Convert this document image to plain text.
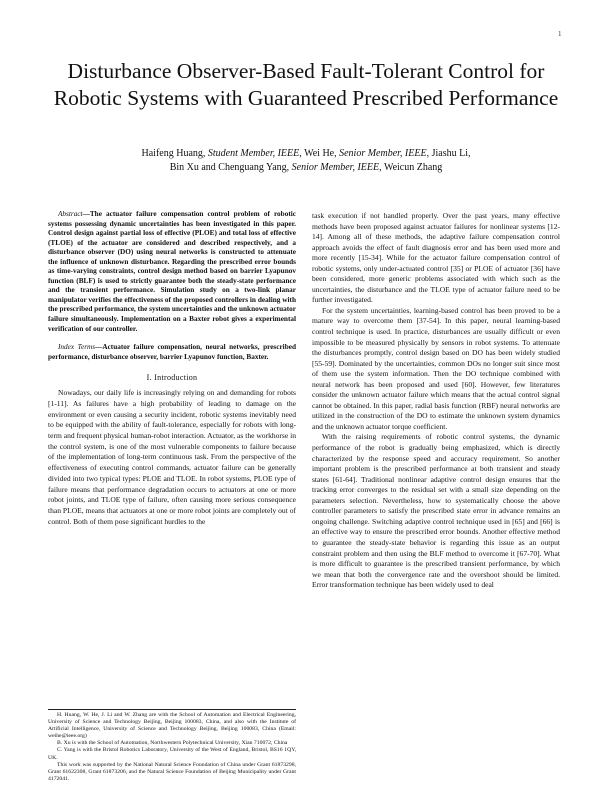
1
Disturbance Observer-Based Fault-Tolerant Control for Robotic Systems with Guaranteed Prescribed Performance
Haifeng Huang, Student Member, IEEE, Wei He, Senior Member, IEEE, Jiashu Li,
Bin Xu and Chenguang Yang, Senior Member, IEEE, Weicun Zhang

Abstract—The actuator failure compensation control problem of robotic systems possessing dynamic uncertainties has been investigated in this paper. Control design against partial loss of effective (PLOE) and total loss of effective (TLOE) of the actuator are considered and described respectively, and a disturbance observer (DO) using neural networks is constructed to attenuate the influence of unknown disturbance. Regarding the prescribed error bounds as time-varying constraints, control design method based on barrier Lyapunov function (BLF) is used to strictly guarantee both the steady-state performance and the transient performance. Simulation study on a two-link planar manipulator verifies the effectiveness of the proposed controllers in dealing with the prescribed performance, the system uncertainties and the unknown actuator failure simultaneously. Implementation on a Baxter robot gives a experimental verification of our controller.

Index Terms—Actuator failure compensation, neural networks, prescribed performance, disturbance observer, barrier Lyapunov function, Baxter.

I. Introduction

Nowadays, our daily life is increasingly relying on and demanding for robots [1-11]. As failures have a high probability of leading to damage on the environment or even causing a security incident, robotic systems inevitably need to be equipped with the ability of fault-tolerance, especially for robots with long-term and frequent physical human-robot interaction. Actuator, as the workhorse in the control system, is one of the most vulnerable components to failure because of the implementation of long-term continuous task. From the perspective of the effectiveness of executing control commands, actuator failure can be generally divided into two typical types: PLOE and TLOE. In robot systems, PLOE type of failure means that performance degradation occurs to actuators at one or more robot joints, and TLOE type of failure, often causing more serious consequence than PLOE, means that actuators at one or more robot joints are completely out of control. Both of them pose significant hurdles to the

H. Huang, W. He, J. Li and W. Zhang are with the School of Automation and Electrical Engineering, University of Science and Technology Beijing, Beijing 100083, China, and also with the Institute of Artificial Intelligence, University of Science and Technology Beijing, Beijing 100083, China (Email: weihe@ieee.org)

B. Xu is with the School of Automation, Northwestern Polytechnical University, Xian 710072, China

C. Yang is with the Bristol Robotics Laboratory, University of the West of England, Bristol, BS16 1QY, UK.

This work was supported by the National Natural Science Foundation of China under Grant 61873298, Grant 61622308, Grant 61873206, and the Natural Science Foundation of Beijing Municipality under Grant 4172041.

task execution if not handled properly. Over the past years, many effective methods have been proposed against actuator failures for nonlinear systems [12-14]. Among all of these methods, the adaptive failure compensation control approach avoids the effect of fault diagnosis error and has been used more and more recently [15-34]. While for the actuator failure compensation control of robotic systems, only under-actuated control [35] or PLOE of actuator [36] have been considered, more generic problems associated with which such as the uncertainties, the disturbance and the TLOE type of actuator failure need to be further investigated.

For the system uncertainties, learning-based control has been proved to be a mature way to overcome them [37-54]. In this paper, neural learning-based control technique is used. In practice, disturbances are usually difficult or even impossible to be measured physically by sensors in robot systems. To attenuate the disturbances promptly, control design based on DO has been widely studied [55-59]. Dominated by the uncertainties, common DOs no longer suit since most of them use the system information. Then the DO technique combined with neural network has been proposed and used [60]. However, few literatures consider the unknown actuator failure which means that the actual control signal cannot be obtained. In this paper, radial basis function (RBF) neural networks are utilized in the construction of the DO to estimate the unknown system dynamics and the unknown actuator torque coefficient.

With the raising requirements of robotic control systems, the dynamic performance of the robot is gradually being emphasized, which is directly characterized by the response speed and accuracy requirement. So another important problem is the prescribed performance at both transient and steady states [61-64]. Traditional nonlinear adaptive control design ensures that the tracking error converges to the residual set with a small size depending on the parameters selection. Nevertheless, how to systematically choose the above controller parameters to satisfy the prescribed state error in advance remains an ongoing challenge. Switching adaptive control technique used in [65] and [66] is an effective way to ensure the prescribed error bounds. Another effective method to guarantee the steady-state behavior is regarding this issue as an output constraint problem and then using the BLF method to overcome it [67-70]. What is more difficult to guarantee is the prescribed transient performance, by which we mean that both the convergence rate and the overshoot should be limited. Error transformation technique has been widely used to deal
